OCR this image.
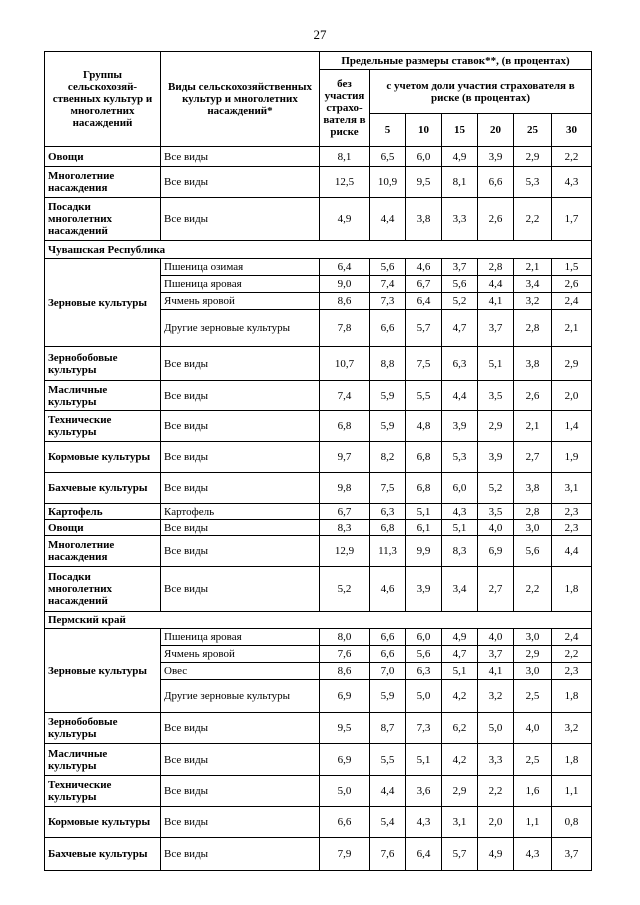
27
Группы сельскохозяй-ственных культур и многолетних насаждений	Виды сельскохозяйственных культур и многолетних насаждений*	Предельные размеры ставок**, (в процентах)						
		без участия страхо-вателя в риске	с учетом доли участия страхователя в риске (в процентах)					
			5	10	15	20	25	30
Овощи	Все виды	8,1	6,5	6,0	4,9	3,9	2,9	2,2
Многолетние насаждения	Все виды	12,5	10,9	9,5	8,1	6,6	5,3	4,3
Посадки многолетних насаждений	Все виды	4,9	4,4	3,8	3,3	2,6	2,2	1,7
Чувашская Республика								
Зерновые культуры	Пшеница озимая	6,4	5,6	4,6	3,7	2,8	2,1	1,5
	Пшеница яровая	9,0	7,4	6,7	5,6	4,4	3,4	2,6
	Ячмень яровой	8,6	7,3	6,4	5,2	4,1	3,2	2,4
	Другие зерновые культуры	7,8	6,6	5,7	4,7	3,7	2,8	2,1
Зернобобовые культуры	Все виды	10,7	8,8	7,5	6,3	5,1	3,8	2,9
Масличные культуры	Все виды	7,4	5,9	5,5	4,4	3,5	2,6	2,0
Технические культуры	Все виды	6,8	5,9	4,8	3,9	2,9	2,1	1,4
Кормовые культуры	Все виды	9,7	8,2	6,8	5,3	3,9	2,7	1,9
Бахчевые культуры	Все виды	9,8	7,5	6,8	6,0	5,2	3,8	3,1
Картофель	Картофель	6,7	6,3	5,1	4,3	3,5	2,8	2,3
Овощи	Все виды	8,3	6,8	6,1	5,1	4,0	3,0	2,3
Многолетние насаждения	Все виды	12,9	11,3	9,9	8,3	6,9	5,6	4,4
Посадки многолетних насаждений	Все виды	5,2	4,6	3,9	3,4	2,7	2,2	1,8
Пермский край								
Зерновые культуры	Пшеница яровая	8,0	6,6	6,0	4,9	4,0	3,0	2,4
	Ячмень яровой	7,6	6,6	5,6	4,7	3,7	2,9	2,2
	Овес	8,6	7,0	6,3	5,1	4,1	3,0	2,3
	Другие зерновые культуры	6,9	5,9	5,0	4,2	3,2	2,5	1,8
Зернобобовые культуры	Все виды	9,5	8,7	7,3	6,2	5,0	4,0	3,2
Масличные культуры	Все виды	6,9	5,5	5,1	4,2	3,3	2,5	1,8
Технические культуры	Все виды	5,0	4,4	3,6	2,9	2,2	1,6	1,1
Кормовые культуры	Все виды	6,6	5,4	4,3	3,1	2,0	1,1	0,8
Бахчевые культуры	Все виды	7,9	7,6	6,4	5,7	4,9	4,3	3,7
